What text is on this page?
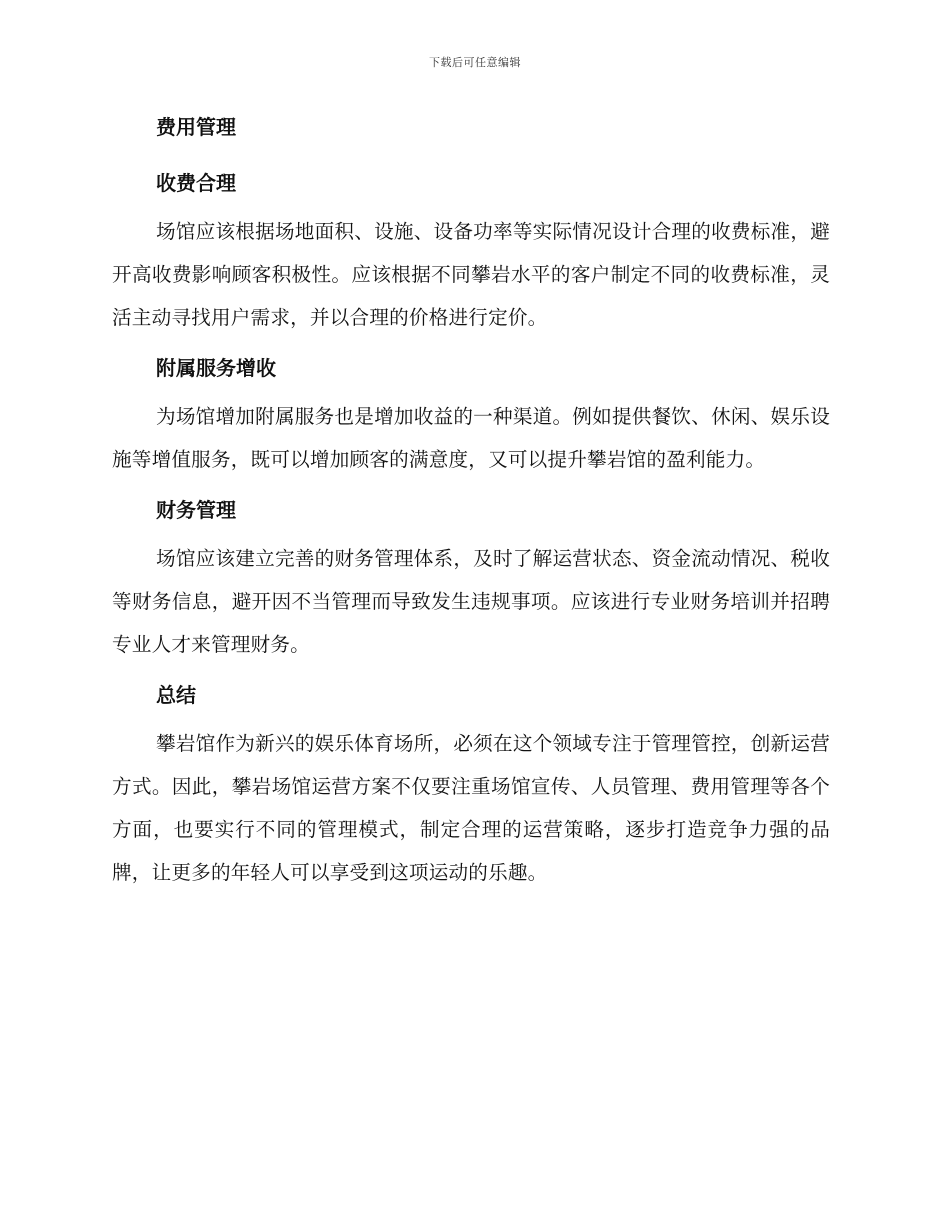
下载后可任意编辑
费用管理
收费合理

场馆应该根据场地面积、设施、设备功率等实际情况设计合理的收费标准，避开高收费影响顾客积极性。应该根据不同攀岩水平的客户制定不同的收费标准，灵活主动寻找用户需求，并以合理的价格进行定价。

附属服务增收

为场馆增加附属服务也是增加收益的一种渠道。例如提供餐饮、休闲、娱乐设施等增值服务，既可以增加顾客的满意度，又可以提升攀岩馆的盈利能力。

财务管理

场馆应该建立完善的财务管理体系，及时了解运营状态、资金流动情况、税收等财务信息，避开因不当管理而导致发生违规事项。应该进行专业财务培训并招聘专业人才来管理财务。

总结

攀岩馆作为新兴的娱乐体育场所，必须在这个领域专注于管理管控，创新运营方式。因此，攀岩场馆运营方案不仅要注重场馆宣传、人员管理、费用管理等各个方面，也要实行不同的管理模式，制定合理的运营策略，逐步打造竞争力强的品牌，让更多的年轻人可以享受到这项运动的乐趣。
